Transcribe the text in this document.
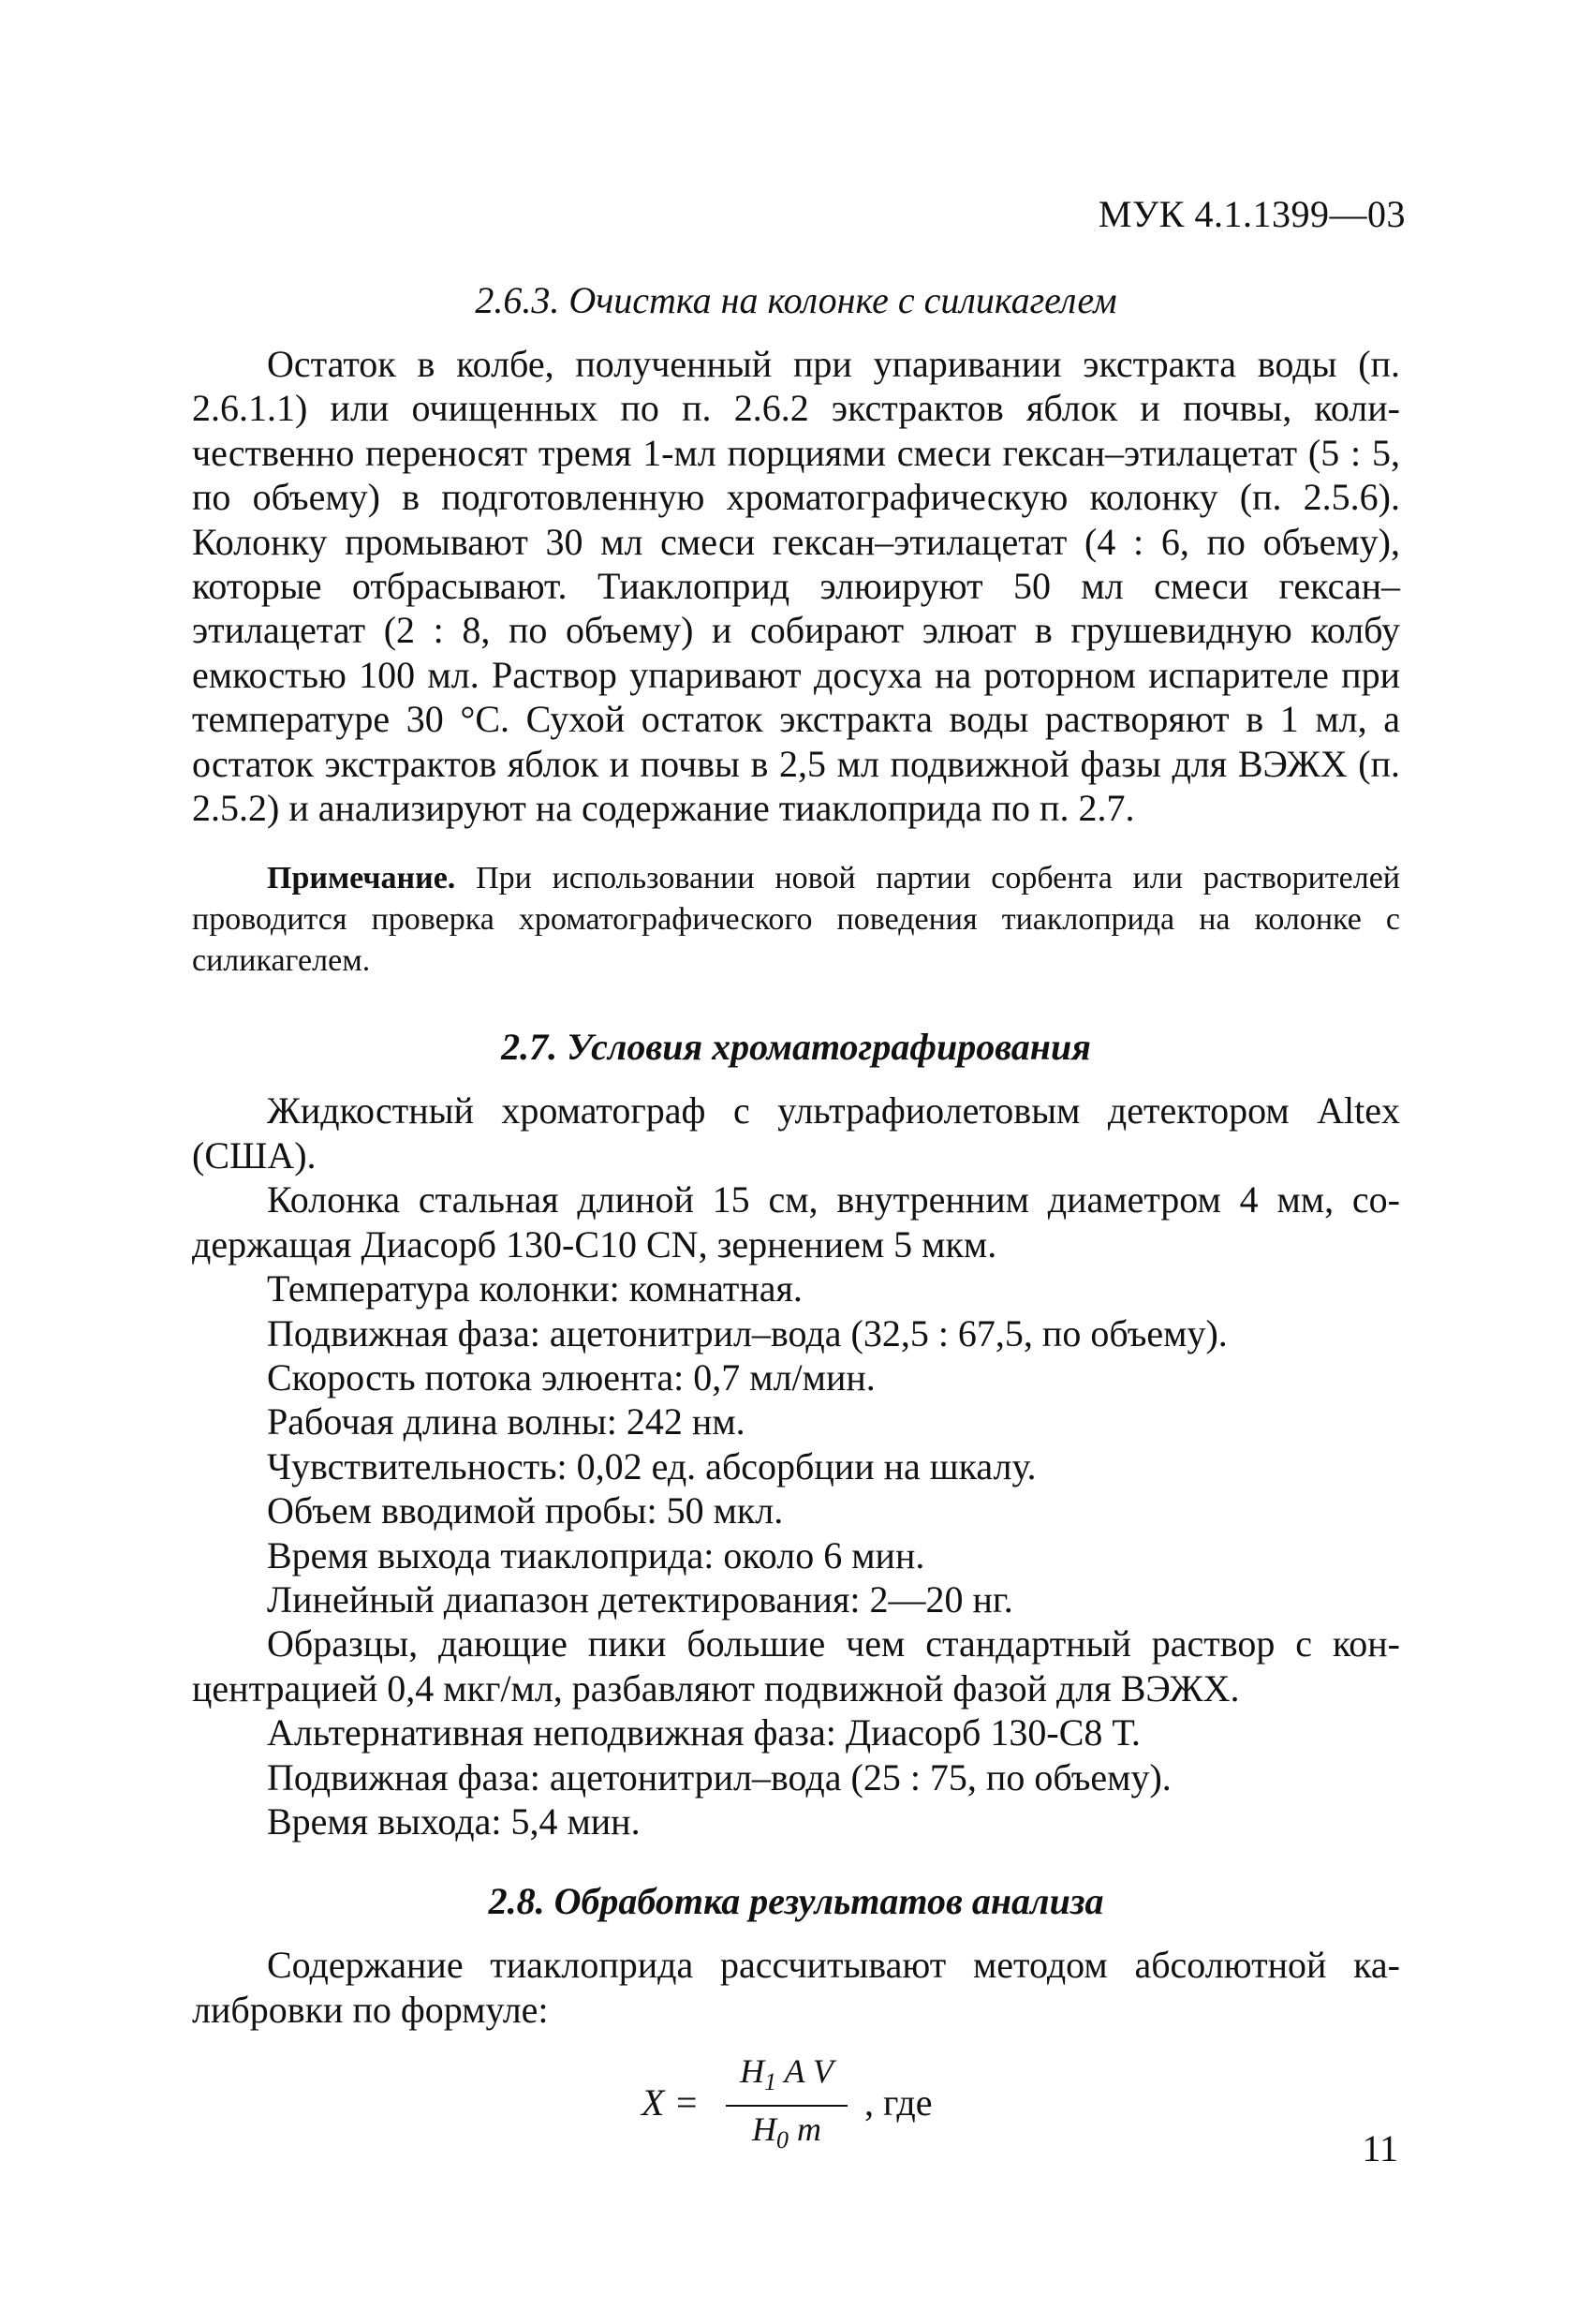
МУК 4.1.1399—03

2.6.3. Очистка на колонке с силикагелем

Остаток в колбе, полученный при упаривании экстракта воды (п. 2.6.1.1) или очищенных по п. 2.6.2 экстрактов яблок и почвы, количественно переносят тремя 1-мл порциями смеси гексан–этилацетат (5 : 5, по объему) в подготовленную хроматографическую колонку (п. 2.5.6). Колонку промывают 30 мл смеси гексан–этилацетат (4 : 6, по объему), которые отбрасывают. Тиаклоприд элюируют 50 мл смеси гексан–этилацетат (2 : 8, по объему) и собирают элюат в грушевидную колбу емкостью 100 мл. Раствор упаривают досуха на роторном испарителе при температуре 30 °C. Сухой остаток экстракта воды растворяют в 1 мл, а остаток экстрактов яблок и почвы в 2,5 мл подвижной фазы для ВЭЖХ (п. 2.5.2) и анализируют на содержание тиаклоприда по п. 2.7.

Примечание. При использовании новой партии сорбента или растворителей проводится проверка хроматографического поведения тиаклоприда на колонке с силикагелем.

2.7. Условия хроматографирования

Жидкостный хроматограф с ультрафиолетовым детектором Altex (США).

Колонка стальная длиной 15 см, внутренним диаметром 4 мм, содержащая Диасорб 130-С10 CN, зернением 5 мкм.

Температура колонки: комнатная.

Подвижная фаза: ацетонитрил–вода (32,5 : 67,5, по объему).

Скорость потока элюента: 0,7 мл/мин.

Рабочая длина волны: 242 нм.

Чувствительность: 0,02 ед. абсорбции на шкалу.

Объем вводимой пробы: 50 мкл.

Время выхода тиаклоприда: около 6 мин.

Линейный диапазон детектирования: 2—20 нг.

Образцы, дающие пики большие чем стандартный раствор с концентрацией 0,4 мкг/мл, разбавляют подвижной фазой для ВЭЖХ.

Альтернативная неподвижная фаза: Диасорб 130-С8 Т.

Подвижная фаза: ацетонитрил–вода (25 : 75, по объему).

Время выхода: 5,4 мин.

2.8. Обработка результатов анализа

Содержание тиаклоприда рассчитывают методом абсолютной калибровки по формуле:

X =
$H_1$ A V
$H_0$ m
, где
11
